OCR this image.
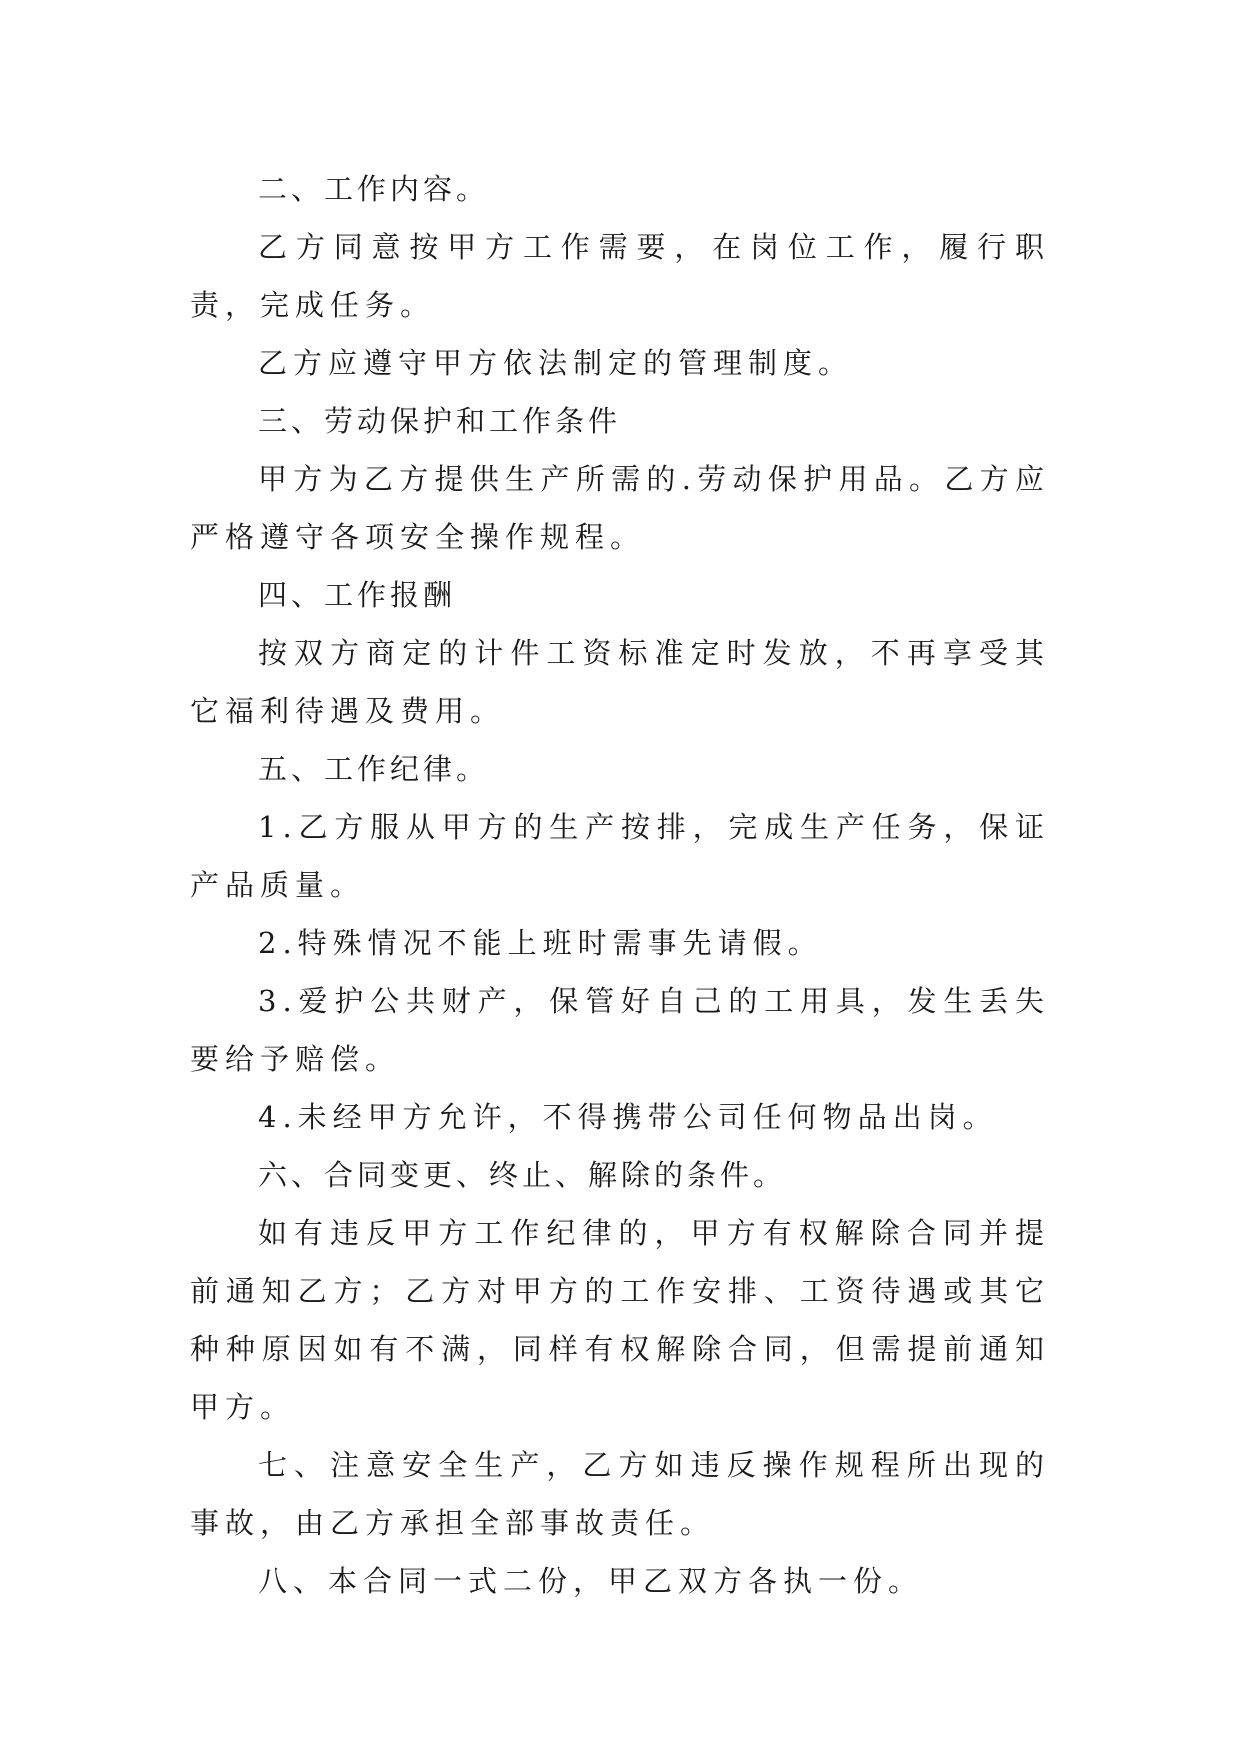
二、工作内容。

乙方同意按甲方工作需要，在岗位工作，履行职责，完成任务。

乙方应遵守甲方依法制定的管理制度。

三、劳动保护和工作条件

甲方为乙方提供生产所需的.劳动保护用品。乙方应严格遵守各项安全操作规程。

四、工作报酬

按双方商定的计件工资标准定时发放，不再享受其它福利待遇及费用。

五、工作纪律。

1.乙方服从甲方的生产按排，完成生产任务，保证产品质量。

2.特殊情况不能上班时需事先请假。

3.爱护公共财产，保管好自己的工用具，发生丢失要给予赔偿。

4.未经甲方允许，不得携带公司任何物品出岗。

六、合同变更、终止、解除的条件。

如有违反甲方工作纪律的，甲方有权解除合同并提前通知乙方；乙方对甲方的工作安排、工资待遇或其它种种原因如有不满，同样有权解除合同，但需提前通知甲方。

七、注意安全生产，乙方如违反操作规程所出现的事故，由乙方承担全部事故责任。

八、本合同一式二份，甲乙双方各执一份。
